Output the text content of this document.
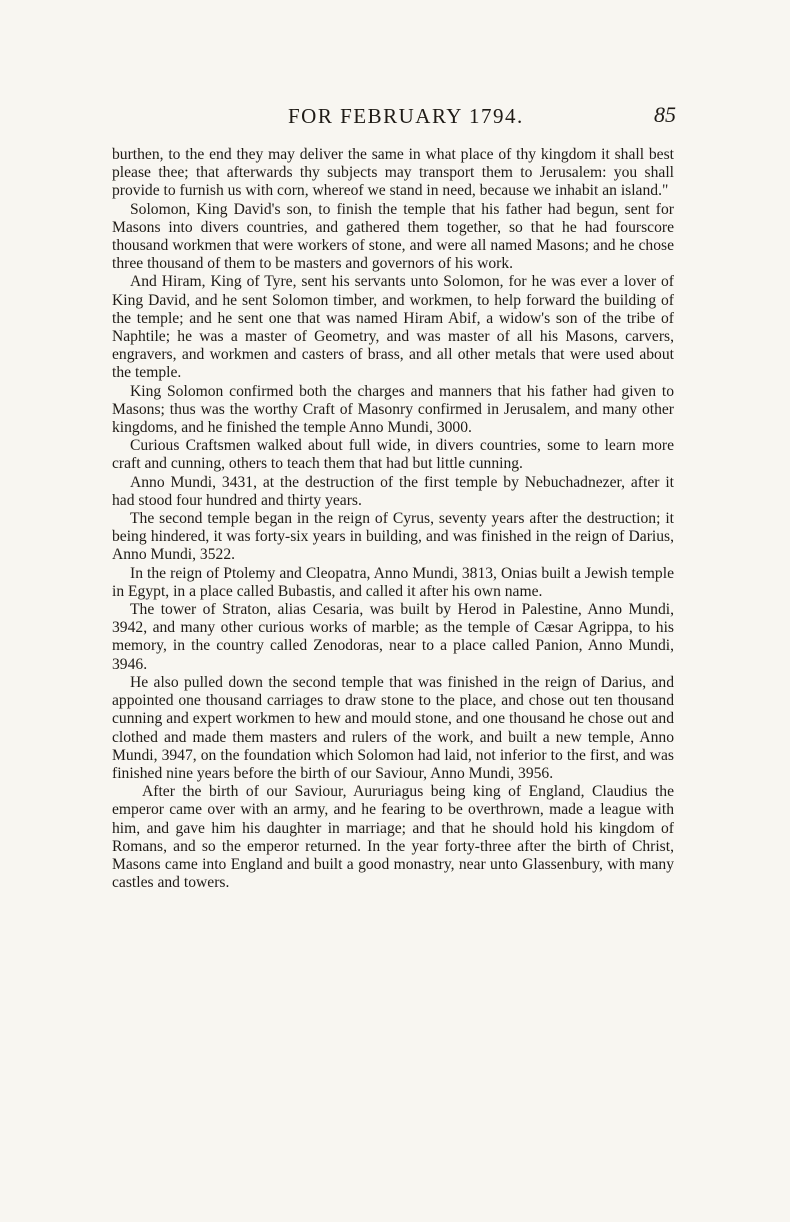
FOR FEBRUARY 1794.	85

burthen, to the end they may deliver the same in what place of thy kingdom it shall best please thee; that afterwards thy subjects may transport them to Jerusalem: you shall provide to furnish us with corn, whereof we stand in need, because we inhabit an island."

Solomon, King David's son, to finish the temple that his father had begun, sent for Masons into divers countries, and gathered them together, so that he had fourscore thousand workmen that were workers of stone, and were all named Masons; and he chose three thousand of them to be masters and governors of his work.

And Hiram, King of Tyre, sent his servants unto Solomon, for he was ever a lover of King David, and he sent Solomon timber, and workmen, to help forward the building of the temple; and he sent one that was named Hiram Abif, a widow's son of the tribe of Naphtile; he was a master of Geometry, and was master of all his Masons, carvers, engravers, and workmen and casters of brass, and all other metals that were used about the temple.

King Solomon confirmed both the charges and manners that his father had given to Masons; thus was the worthy Craft of Masonry confirmed in Jerusalem, and many other kingdoms, and he finished the temple Anno Mundi, 3000.

Curious Craftsmen walked about full wide, in divers countries, some to learn more craft and cunning, others to teach them that had but little cunning.

Anno Mundi, 3431, at the destruction of the first temple by Nebuchadnezer, after it had stood four hundred and thirty years.

The second temple began in the reign of Cyrus, seventy years after the destruction; it being hindered, it was forty-six years in building, and was finished in the reign of Darius, Anno Mundi, 3522.

In the reign of Ptolemy and Cleopatra, Anno Mundi, 3813, Onias built a Jewish temple in Egypt, in a place called Bubastis, and called it after his own name.

The tower of Straton, alias Cesaria, was built by Herod in Palestine, Anno Mundi, 3942, and many other curious works of marble; as the temple of Cæsar Agrippa, to his memory, in the country called Zenodoras, near to a place called Panion, Anno Mundi, 3946.

He also pulled down the second temple that was finished in the reign of Darius, and appointed one thousand carriages to draw stone to the place, and chose out ten thousand cunning and expert workmen to hew and mould stone, and one thousand he chose out and clothed and made them masters and rulers of the work, and built a new temple, Anno Mundi, 3947, on the foundation which Solomon had laid, not inferior to the first, and was finished nine years before the birth of our Saviour, Anno Mundi, 3956.

After the birth of our Saviour, Aururiagus being king of England, Claudius the emperor came over with an army, and he fearing to be overthrown, made a league with him, and gave him his daughter in marriage; and that he should hold his kingdom of Romans, and so the emperor returned. In the year forty-three after the birth of Christ, Masons came into England and built a good monastry, near unto Glassenbury, with many castles and towers.
